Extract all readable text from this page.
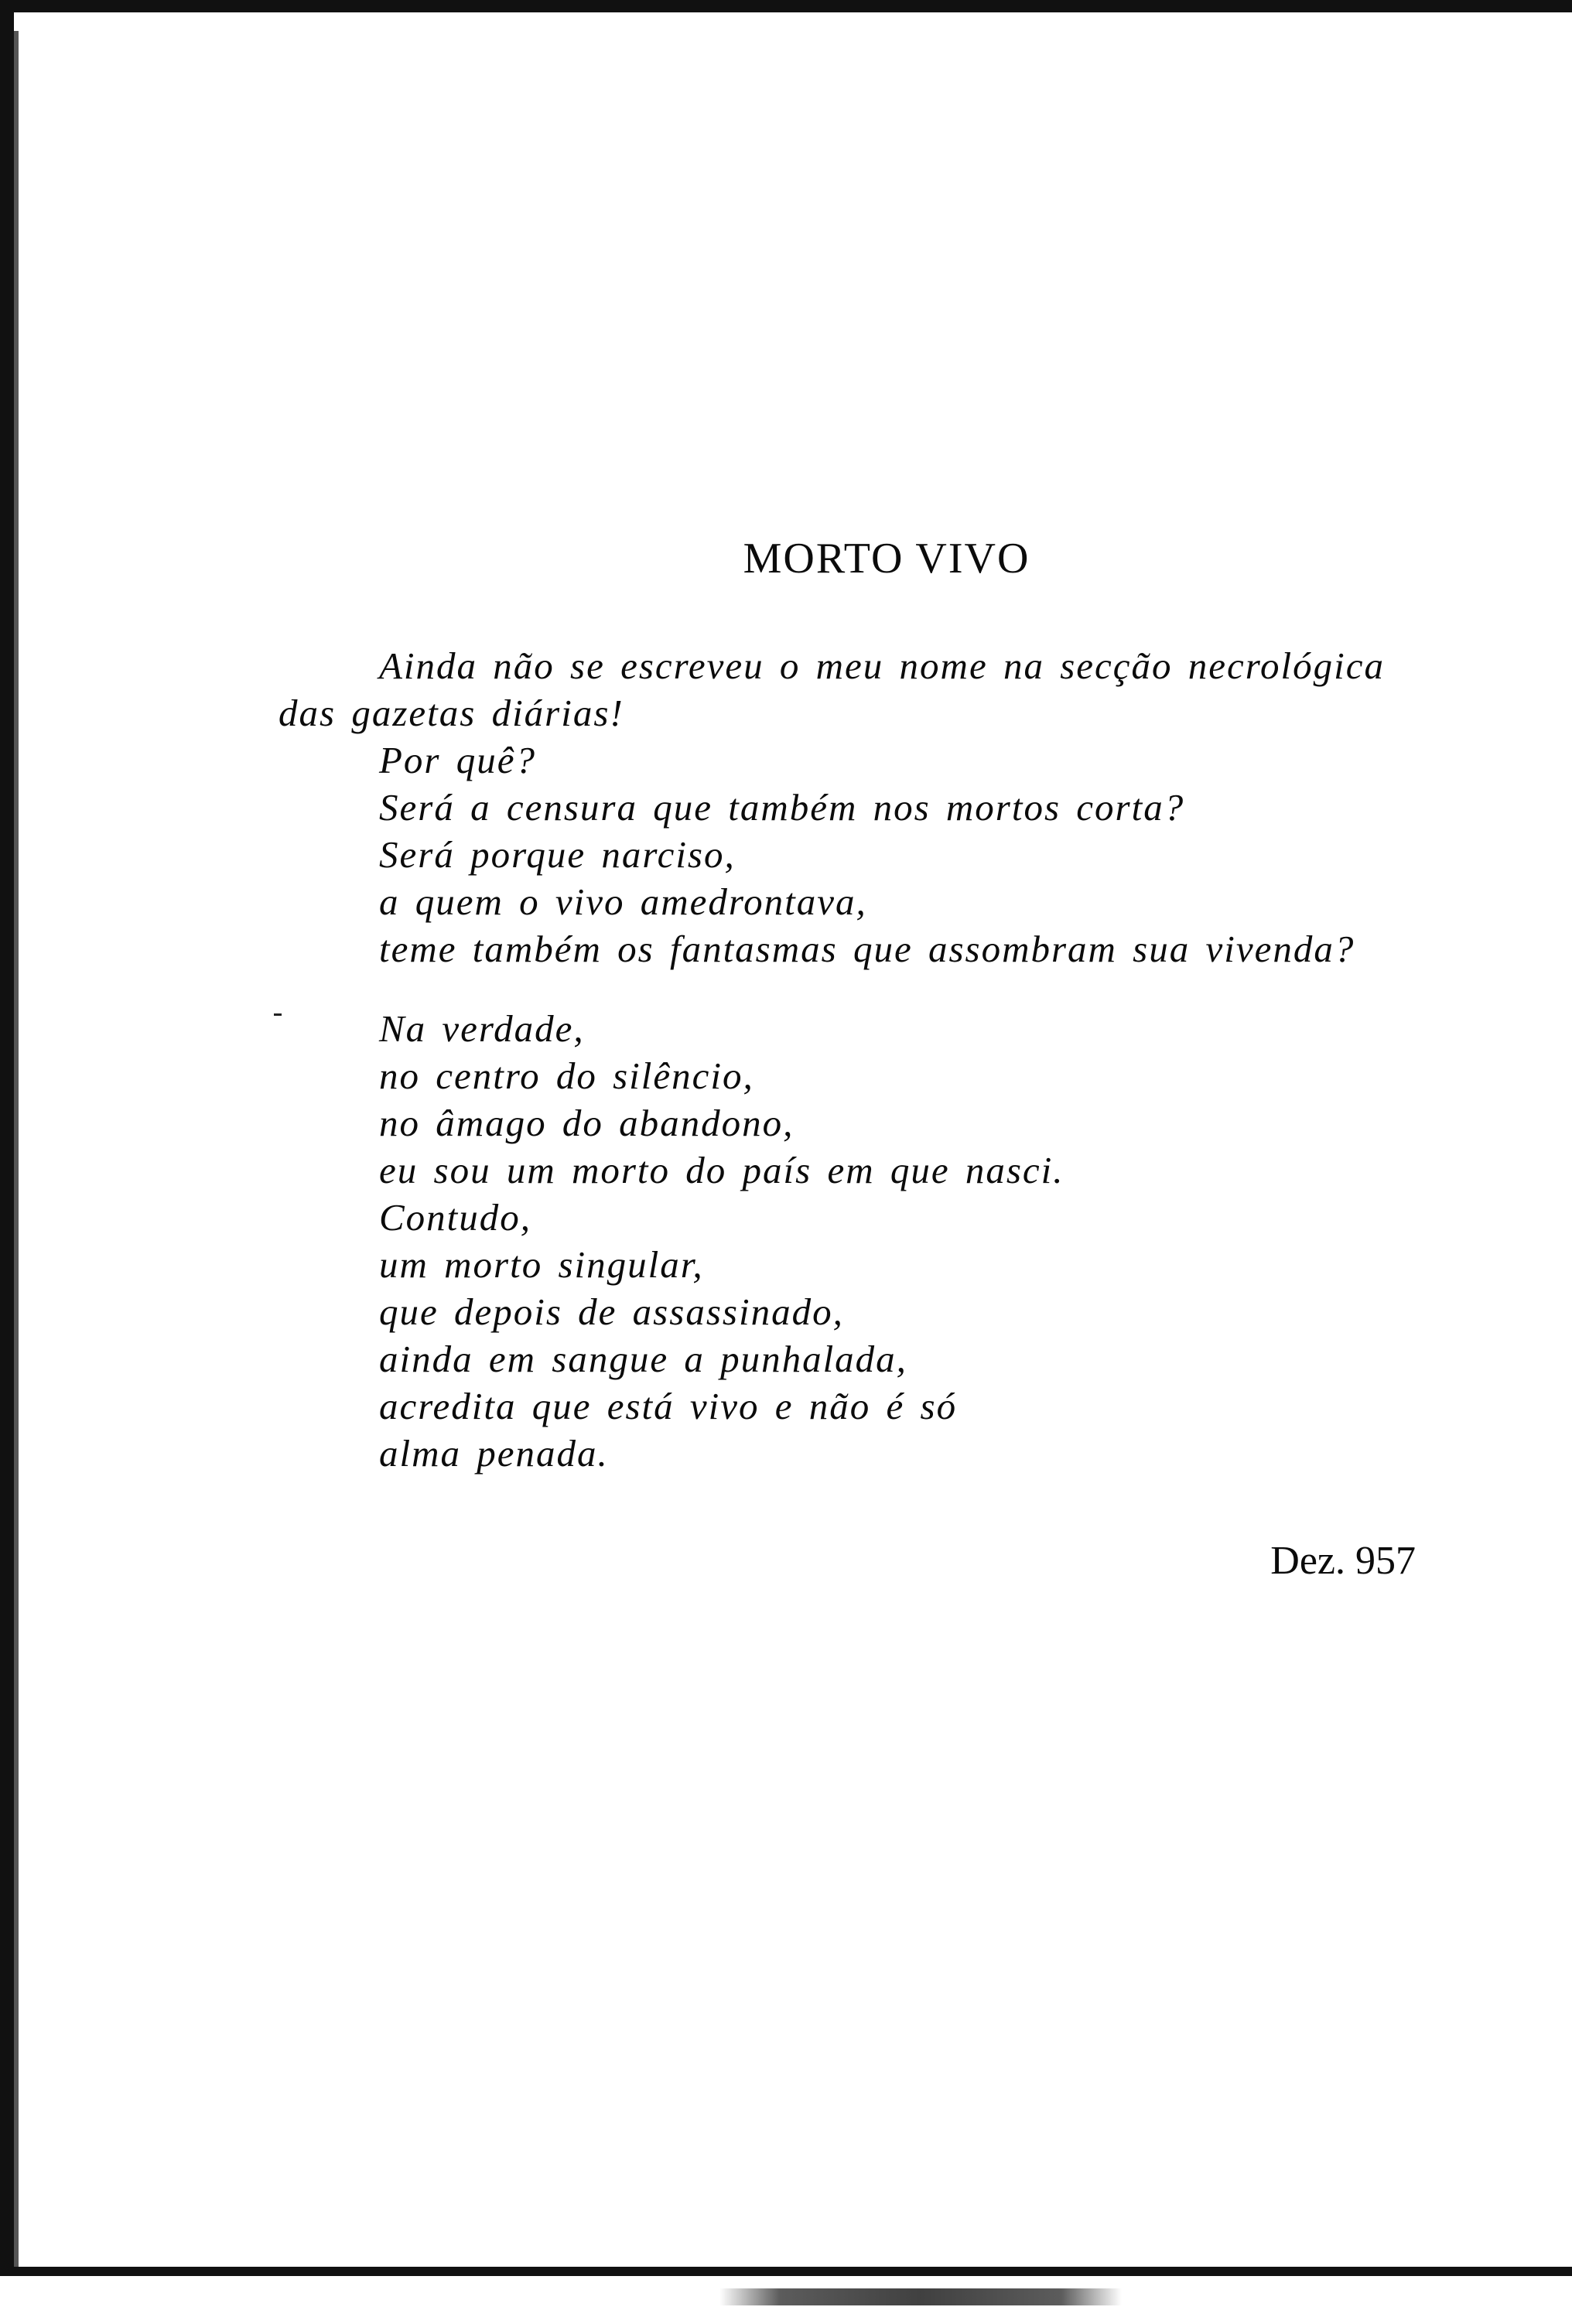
MORTO VIVO

Ainda não se escreveu o meu nome na secção necrológica
das gazetas diárias!
Por quê?
Será a censura que também nos mortos corta?
Será porque narciso,
a quem o vivo amedrontava,
teme também os fantasmas que assombram sua vivenda?

Na verdade,
no centro do silêncio,
no âmago do abandono,
eu sou um morto do país em que nasci.
Contudo,
um morto singular,
que depois de assassinado,
ainda em sangue a punhalada,
acredita que está vivo e não é só
alma penada.

Dez. 957
